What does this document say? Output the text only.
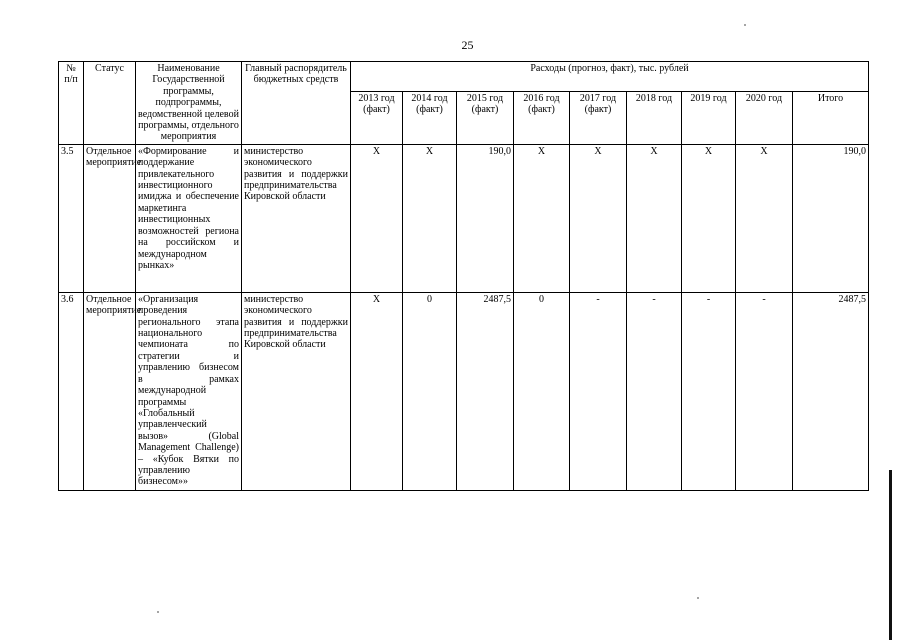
25
№
п/п	Статус	Наименование Государственной программы, подпрограммы, ведомственной целевой программы, отдельного мероприятия	Главный распорядитель бюджетных средств	Расходы (прогноз, факт), тыс. рублей								
				2013 год (факт)	2014 год (факт)	2015 год (факт)	2016 год (факт)	2017 год (факт)	2018 год	2019 год	2020 год	Итого
3.5	Отдельное мероприятие	«Формирование и поддержание привлекательного инвестиционного имиджа и обеспечение маркетинга инвестиционных возможностей региона на российском и международном рынках»	министерство экономического развития и поддержки предпринимательства Кировской области	Х	Х	190,0	Х	Х	Х	Х	Х	190,0
3.6	Отдельное мероприятие	«Организация проведения регионального этапа национального чемпионата по стратегии и управлению бизнесом в рамках международной программы «Глобальный управленческий вызов» (Global Management Challenge) – «Кубок Вятки по управлению бизнесом»»	министерство экономического развития и поддержки предпринимательства Кировской области	Х	0	2487,5	0	-	-	-	-	2487,5
